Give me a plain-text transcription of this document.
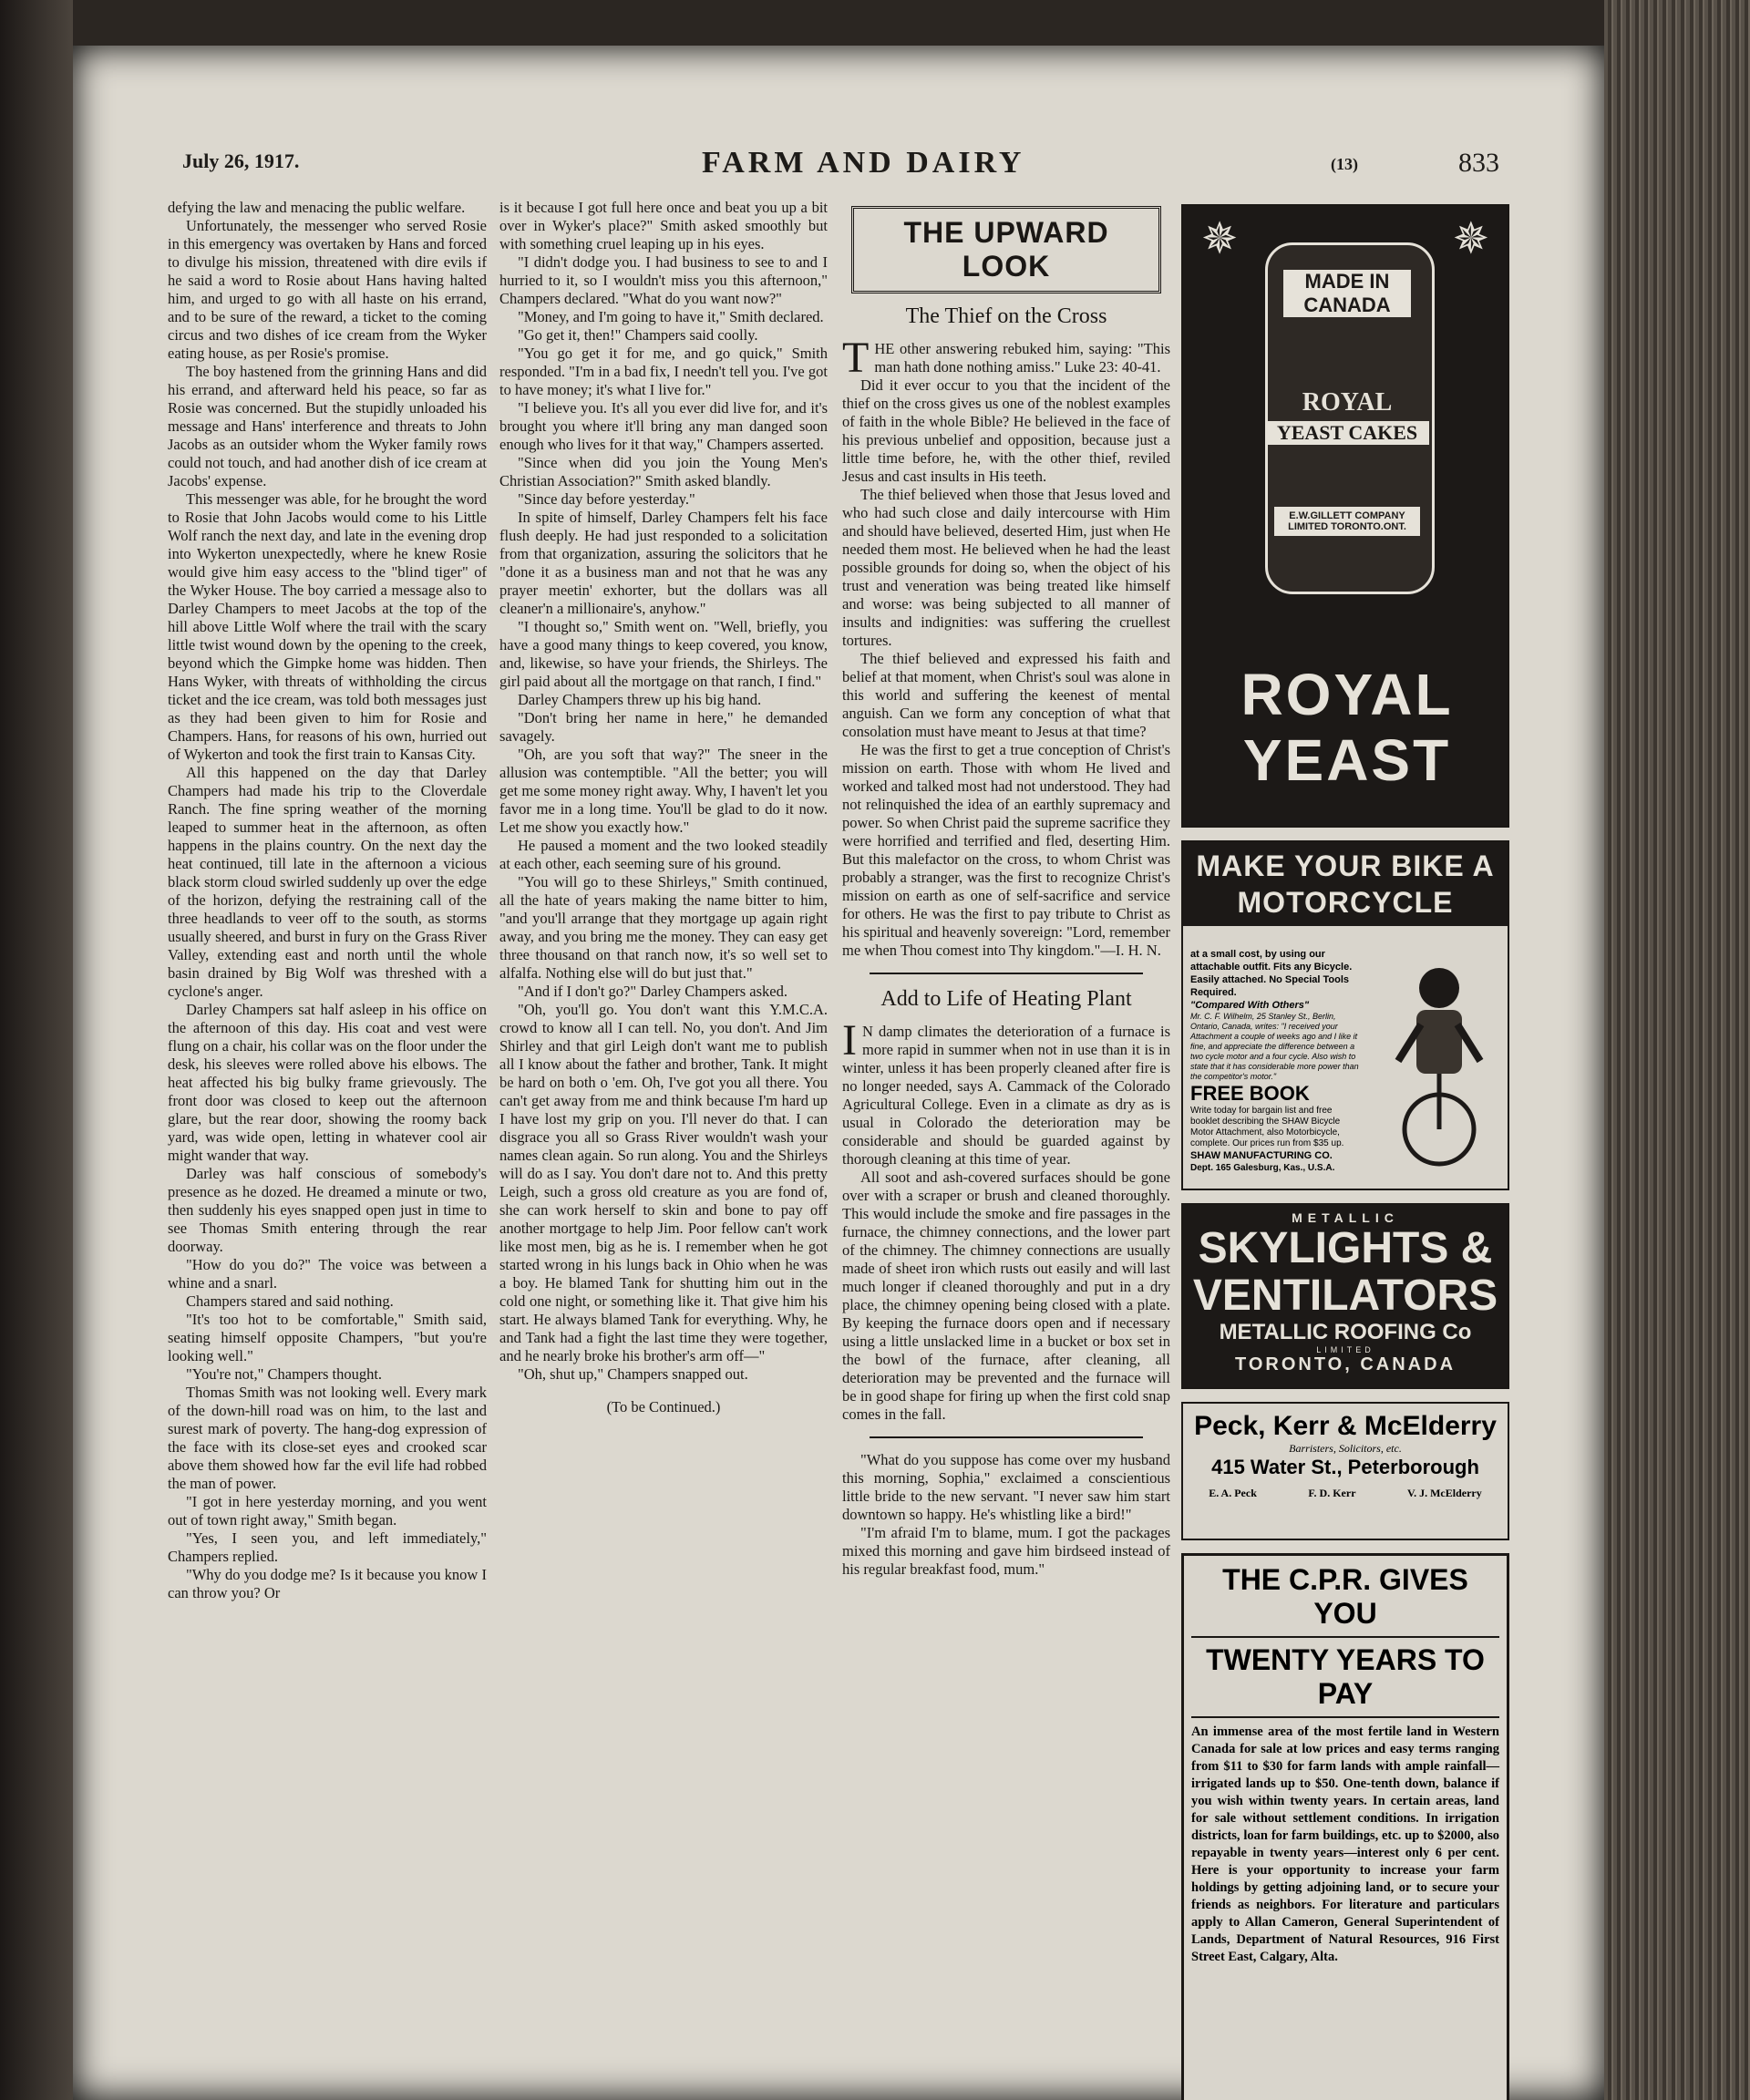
July 26, 1917.	FARM AND DAIRY	(13)	833

defying the law and menacing the public welfare.

Unfortunately, the messenger who served Rosie in this emergency was overtaken by Hans and forced to divulge his mission, threatened with dire evils if he said a word to Rosie about Hans having halted him, and urged to go with all haste on his errand, and to be sure of the reward, a ticket to the coming circus and two dishes of ice cream from the Wyker eating house, as per Rosie's promise.

The boy hastened from the grinning Hans and did his errand, and afterward held his peace, so far as Rosie was concerned. But the stupidly unloaded his message and Hans' interference and threats to John Jacobs as an outsider whom the Wyker family rows could not touch, and had another dish of ice cream at Jacobs' expense.

This messenger was able, for he brought the word to Rosie that John Jacobs would come to his Little Wolf ranch the next day, and late in the evening drop into Wykerton unexpectedly, where he knew Rosie would give him easy access to the "blind tiger" of the Wyker House. The boy carried a message also to Darley Champers to meet Jacobs at the top of the hill above Little Wolf where the trail with the scary little twist wound down by the opening to the creek, beyond which the Gimpke home was hidden. Then Hans Wyker, with threats of withholding the circus ticket and the ice cream, was told both messages just as they had been given to him for Rosie and Champers. Hans, for reasons of his own, hurried out of Wykerton and took the first train to Kansas City.

All this happened on the day that Darley Champers had made his trip to the Cloverdale Ranch. The fine spring weather of the morning leaped to summer heat in the afternoon, as often happens in the plains country. On the next day the heat continued, till late in the afternoon a vicious black storm cloud swirled suddenly up over the edge of the horizon, defying the restraining call of the three headlands to veer off to the south, as storms usually sheered, and burst in fury on the Grass River Valley, extending east and north until the whole basin drained by Big Wolf was threshed with a cyclone's anger.

Darley Champers sat half asleep in his office on the afternoon of this day. His coat and vest were flung on a chair, his collar was on the floor under the desk, his sleeves were rolled above his elbows. The heat affected his big bulky frame grievously. The front door was closed to keep out the afternoon glare, but the rear door, showing the roomy back yard, was wide open, letting in whatever cool air might wander that way.

Darley was half conscious of somebody's presence as he dozed. He dreamed a minute or two, then suddenly his eyes snapped open just in time to see Thomas Smith entering through the rear doorway.

"How do you do?" The voice was between a whine and a snarl.

Champers stared and said nothing.

"It's too hot to be comfortable," Smith said, seating himself opposite Champers, "but you're looking well."

"You're not," Champers thought.

Thomas Smith was not looking well. Every mark of the down-hill road was on him, to the last and surest mark of poverty. The hang-dog expression of the face with its close-set eyes and crooked scar above them showed how far the evil life had robbed the man of power.

"I got in here yesterday morning, and you went out of town right away," Smith began.

"Yes, I seen you, and left immediately," Champers replied.

"Why do you dodge me? Is it because you know I can throw you? Or

is it because I got full here once and beat you up a bit over in Wyker's place?" Smith asked smoothly but with something cruel leaping up in his eyes.

"I didn't dodge you. I had business to see to and I hurried to it, so I wouldn't miss you this afternoon," Champers declared. "What do you want now?"

"Money, and I'm going to have it," Smith declared.

"Go get it, then!" Champers said coolly.

"You go get it for me, and go quick," Smith responded. "I'm in a bad fix, I needn't tell you. I've got to have money; it's what I live for."

"I believe you. It's all you ever did live for, and it's brought you where it'll bring any man danged soon enough who lives for it that way," Champers asserted.

"Since when did you join the Young Men's Christian Association?" Smith asked blandly.

"Since day before yesterday."

In spite of himself, Darley Champers felt his face flush deeply. He had just responded to a solicitation from that organization, assuring the solicitors that he "done it as a business man and not that he was any prayer meetin' exhorter, but the dollars was all cleaner'n a millionaire's, anyhow."

"I thought so," Smith went on. "Well, briefly, you have a good many things to keep covered, you know, and, likewise, so have your friends, the Shirleys. The girl paid about all the mortgage on that ranch, I find."

Darley Champers threw up his big hand.

"Don't bring her name in here," he demanded savagely.

"Oh, are you soft that way?" The sneer in the allusion was contemptible. "All the better; you will get me some money right away. Why, I haven't let you favor me in a long time. You'll be glad to do it now. Let me show you exactly how."

He paused a moment and the two looked steadily at each other, each seeming sure of his ground.

"You will go to these Shirleys," Smith continued, all the hate of years making the name bitter to him, "and you'll arrange that they mortgage up again right away, and you bring me the money. They can easy get three thousand on that ranch now, it's so well set to alfalfa. Nothing else will do but just that."

"And if I don't go?" Darley Champers asked.

"Oh, you'll go. You don't want this Y.M.C.A. crowd to know all I can tell. No, you don't. And Jim Shirley and that girl Leigh don't want me to publish all I know about the father and brother, Tank. It might be hard on both o 'em. Oh, I've got you all there. You can't get away from me and think because I'm hard up I have lost my grip on you. I'll never do that. I can disgrace you all so Grass River wouldn't wash your names clean again. So run along. You and the Shirleys will do as I say. You don't dare not to. And this pretty Leigh, such a gross old creature as you are fond of, she can work herself to skin and bone to pay off another mortgage to help Jim. Poor fellow can't work like most men, big as he is. I remember when he got started wrong in his lungs back in Ohio when he was a boy. He blamed Tank for shutting him out in the cold one night, or something like it. That give him his start. He always blamed Tank for everything. Why, he and Tank had a fight the last time they were together, and he nearly broke his brother's arm off—"

"Oh, shut up," Champers snapped out.

(To be Continued.)

THE UPWARD LOOK
The Thief on the Cross

THE other answering rebuked him, saying: "This man hath done nothing amiss." Luke 23: 40-41.

Did it ever occur to you that the incident of the thief on the cross gives us one of the noblest examples of faith in the whole Bible? He believed in the face of his previous unbelief and opposition, because just a little time before, he, with the other thief, reviled Jesus and cast insults in His teeth.

The thief believed when those that Jesus loved and who had such close and daily intercourse with Him and should have believed, deserted Him, just when He needed them most. He believed when he had the least possible grounds for doing so, when the object of his trust and veneration was being treated like himself and worse: was being subjected to all manner of insults and indignities: was suffering the cruellest tortures.

The thief believed and expressed his faith and belief at that moment, when Christ's soul was alone in this world and suffering the keenest of mental anguish. Can we form any conception of what that consolation must have meant to Jesus at that time?

He was the first to get a true conception of Christ's mission on earth. Those with whom He lived and worked and talked most had not understood. They had not relinquished the idea of an earthly supremacy and power. So when Christ paid the supreme sacrifice they were horrified and terrified and fled, deserting Him. But this malefactor on the cross, to whom Christ was probably a stranger, was the first to recognize Christ's mission on earth as one of self-sacrifice and service for others. He was the first to pay tribute to Christ as his spiritual and heavenly sovereign: "Lord, remember me when Thou comest into Thy kingdom."—I. H. N.

Add to Life of Heating Plant

I N damp climates the deterioration of a furnace is more rapid in summer when not in use than it is in winter, unless it has been properly cleaned after fire is no longer needed, says A. Cammack of the Colorado Agricultural College. Even in a climate as dry as is usual in Colorado the deterioration may be considerable and should be guarded against by thorough cleaning at this time of year.

All soot and ash-covered surfaces should be gone over with a scraper or brush and cleaned thoroughly. This would include the smoke and fire passages in the furnace, the chimney connections, and the lower part of the chimney. The chimney connections are usually made of sheet iron which rusts out easily and will last much longer if cleaned thoroughly and put in a dry place, the chimney opening being closed with a plate. By keeping the furnace doors open and if necessary using a little unslacked lime in a bucket or box set in the bowl of the furnace, after cleaning, all deterioration may be prevented and the furnace will be in good shape for firing up when the first cold snap comes in the fall.

"What do you suppose has come over my husband this morning, Sophia," exclaimed a conscientious little bride to the new servant. "I never saw him start downtown so happy. He's whistling like a bird!"

"I'm afraid I'm to blame, mum. I got the packages mixed this morning and gave him birdseed instead of his regular breakfast food, mum."

✵	✵
MADE IN CANADA
ROYAL
YEAST CAKES
E.W.GILLETT COMPANY LIMITED TORONTO.ONT.
ROYAL YEAST
MAKE YOUR BIKE A MOTORCYCLE
at a small cost, by using our attachable outfit. Fits any Bicycle. Easily attached. No Special Tools Required.
"Compared With Others"
Mr. C. F. Wilhelm, 25 Stanley St., Berlin, Ontario, Canada, writes: "I received your Attachment a couple of weeks ago and I like it fine, and appreciate the difference between a two cycle motor and a four cycle. Also wish to state that it has considerable more power than the competitor's motor."
FREE BOOK
Write today for bargain list and free booklet describing the SHAW Bicycle Motor Attachment, also Motorbicycle, complete. Our prices run from $35 up.
SHAW MANUFACTURING CO.
Dept. 165 Galesburg, Kas., U.S.A.
METALLIC
SKYLIGHTS &
VENTILATORS
METALLIC ROOFING Co
LIMITED
TORONTO, CANADA
Peck, Kerr & McElderry
Barristers, Solicitors, etc.
415 Water St., Peterborough
E. A. Peck	F. D. Kerr	V. J. McElderry
THE C.P.R. GIVES YOU
TWENTY YEARS TO PAY
An immense area of the most fertile land in Western Canada for sale at low prices and easy terms ranging from $11 to $30 for farm lands with ample rainfall—irrigated lands up to $50. One-tenth down, balance if you wish within twenty years. In certain areas, land for sale without settlement conditions. In irrigation districts, loan for farm buildings, etc. up to $2000, also repayable in twenty years—interest only 6 per cent. Here is your opportunity to increase your farm holdings by getting adjoining land, or to secure your friends as neighbors. For literature and particulars apply to Allan Cameron, General Superintendent of Lands, Department of Natural Resources, 916 First Street East, Calgary, Alta.
